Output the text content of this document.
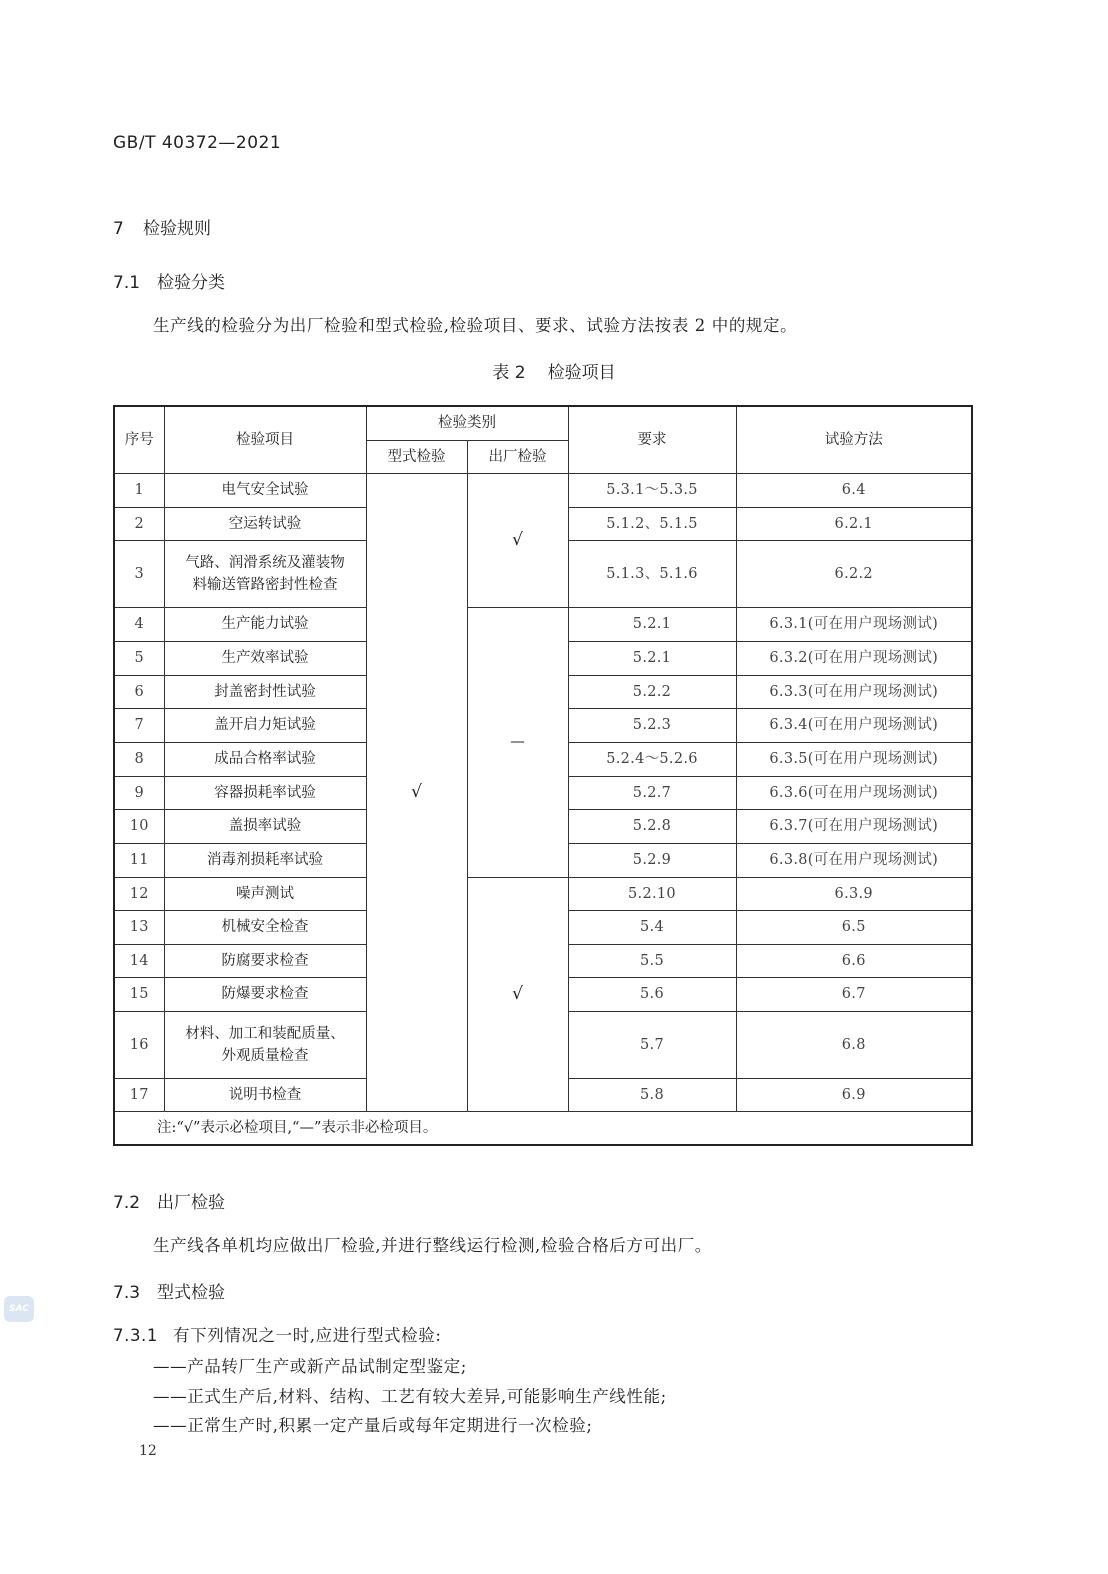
GB/T 40372—2021
7 检验规则
7.1 检验分类
生产线的检验分为出厂检验和型式检验,检验项目、要求、试验方法按表 2 中的规定。
表 2 检验项目
序号	检验项目	检验类别		要求	试验方法
		型式检验	出厂检验		
1	电气安全试验	√	√	5.3.1～5.3.5	6.4
2	空运转试验			5.1.2、5.1.5	6.2.1
3	气路、润滑系统及灌装物
料输送管路密封性检查			5.1.3、5.1.6	6.2.2
4	生产能力试验		—	5.2.1	6.3.1(可在用户现场测试)
5	生产效率试验			5.2.1	6.3.2(可在用户现场测试)
6	封盖密封性试验			5.2.2	6.3.3(可在用户现场测试)
7	盖开启力矩试验			5.2.3	6.3.4(可在用户现场测试)
8	成品合格率试验			5.2.4～5.2.6	6.3.5(可在用户现场测试)
9	容器损耗率试验			5.2.7	6.3.6(可在用户现场测试)
10	盖损率试验			5.2.8	6.3.7(可在用户现场测试)
11	消毒剂损耗率试验			5.2.9	6.3.8(可在用户现场测试)
12	噪声测试		√	5.2.10	6.3.9
13	机械安全检查			5.4	6.5
14	防腐要求检查			5.5	6.6
15	防爆要求检查			5.6	6.7
16	材料、加工和装配质量、
外观质量检查			5.7	6.8
17	说明书检查			5.8	6.9
注:“√”表示必检项目,“—”表示非必检项目。					
7.2 出厂检验
生产线各单机均应做出厂检验,并进行整线运行检测,检验合格后方可出厂。
7.3 型式检验
SAC
7.3.1 有下列情况之一时,应进行型式检验:
——产品转厂生产或新产品试制定型鉴定;
——正式生产后,材料、结构、工艺有较大差异,可能影响生产线性能;
——正常生产时,积累一定产量后或每年定期进行一次检验;
12
